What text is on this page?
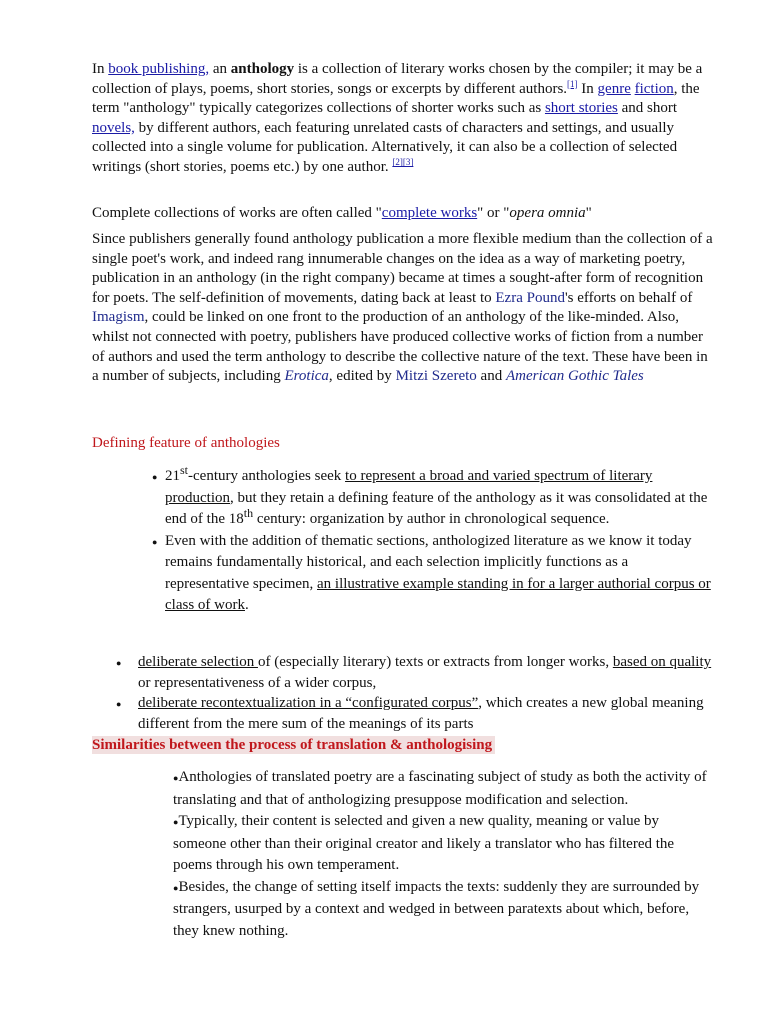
In book publishing, an anthology is a collection of literary works chosen by the compiler; it may be a collection of plays, poems, short stories, songs or excerpts by different authors.[1] In genre fiction, the term "anthology" typically categorizes collections of shorter works such as short stories and short novels, by different authors, each featuring unrelated casts of characters and settings, and usually collected into a single volume for publication. Alternatively, it can also be a collection of selected writings (short stories, poems etc.) by one author. [2][3]

Complete collections of works are often called "complete works" or "opera omnia"

Since publishers generally found anthology publication a more flexible medium than the collection of a single poet's work, and indeed rang innumerable changes on the idea as a way of marketing poetry, publication in an anthology (in the right company) became at times a sought-after form of recognition for poets. The self-definition of movements, dating back at least to Ezra Pound's efforts on behalf of Imagism, could be linked on one front to the production of an anthology of the like-minded. Also, whilst not connected with poetry, publishers have produced collective works of fiction from a number of authors and used the term anthology to describe the collective nature of the text. These have been in a number of subjects, including Erotica, edited by Mitzi Szereto and American Gothic Tales

Defining feature of anthologies
● 21st-century anthologies seek to represent a broad and varied spectrum of literary production, but they retain a defining feature of the anthology as it was consolidated at the end of the 18th century: organization by author in chronological sequence.
● Even with the addition of thematic sections, anthologized literature as we know it today remains fundamentally historical, and each selection implicitly functions as a representative specimen, an illustrative example standing in for a larger authorial corpus or class of work.
● deliberate selection of (especially literary) texts or extracts from longer works, based on quality or representativeness of a wider corpus,
● deliberate recontextualization in a “configurated corpus”, which creates a new global meaning different from the mere sum of the meanings of its parts
Similarities between the process of translation & anthologising
●Anthologies of translated poetry are a fascinating subject of study as both the activity of translating and that of anthologizing presuppose modification and selection.
●Typically, their content is selected and given a new quality, meaning or value by someone other than their original creator and likely a translator who has filtered the poems through his own temperament.
●Besides, the change of setting itself impacts the texts: suddenly they are surrounded by strangers, usurped by a context and wedged in between paratexts about which, before, they knew nothing.
